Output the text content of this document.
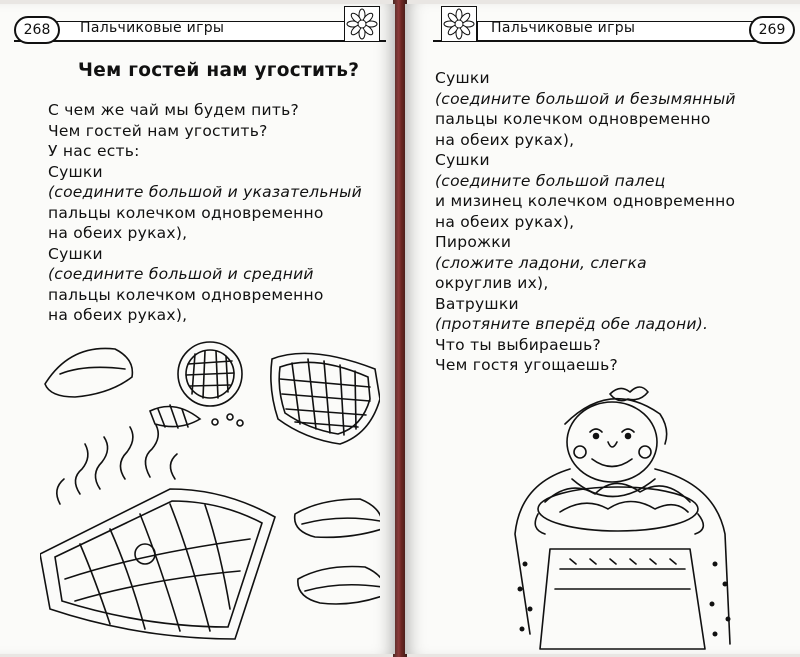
268	Пальчиковые игры
Чем гостей нам угостить?
С чем же чай мы будем пить?
Чем гостей нам угостить?
У нас есть:
Сушки
(соедините большой и указательный
пальцы колечком одновременно
на обеих руках),
Сушки
(соедините большой и средний
пальцы колечком одновременно
на обеих руках),
Пальчиковые игры	269
Сушки
(соедините большой и безымянный
пальцы колечком одновременно
на обеих руках),
Сушки
(соедините большой палец
и мизинец колечком одновременно
на обеих руках),
Пирожки
(сложите ладони, слегка
округлив их),
Ватрушки
(протяните вперёд обе ладони).
Что ты выбираешь?
Чем гостя угощаешь?
